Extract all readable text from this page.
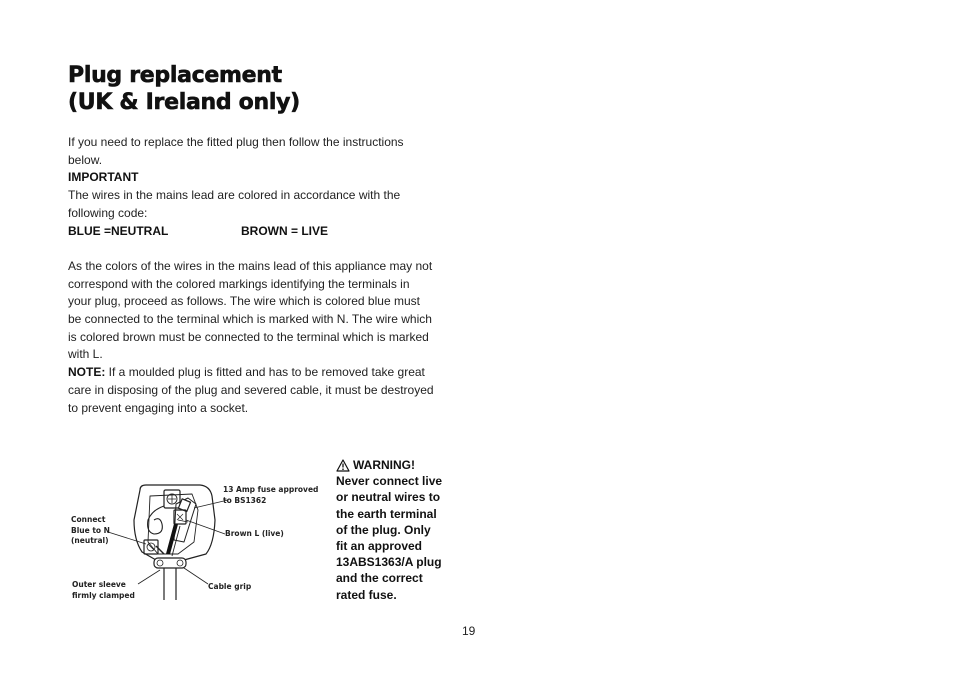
Plug replacement
(UK & Ireland only)

If you need to replace the fitted plug then follow the instructions

below.

IMPORTANT

The wires in the mains lead are colored in accordance with the

following code:

BLUE =NEUTRAL	BROWN = LIVE

As the colors of the wires in the mains lead of this appliance may not

correspond with the colored markings identifying the terminals in

your plug, proceed as follows. The wire which is colored blue must

be connected to the terminal which is marked with N. The wire which

is colored brown must be connected to the terminal which is marked

with L.

NOTE: If a moulded plug is fitted and has to be removed take great

care in disposing of the plug and severed cable, it must be destroyed

to prevent engaging into a socket.

13 Amp fuse approved
to BS1362
Connect
Blue to N
(neutral)
Brown L (live)
Outer sleeve
firmly clamped
Cable grip
WARNING!
Never connect live
or neutral wires to
the earth terminal
of the plug. Only
fit an approved
13ABS1363/A plug
and the correct
rated fuse.
19
